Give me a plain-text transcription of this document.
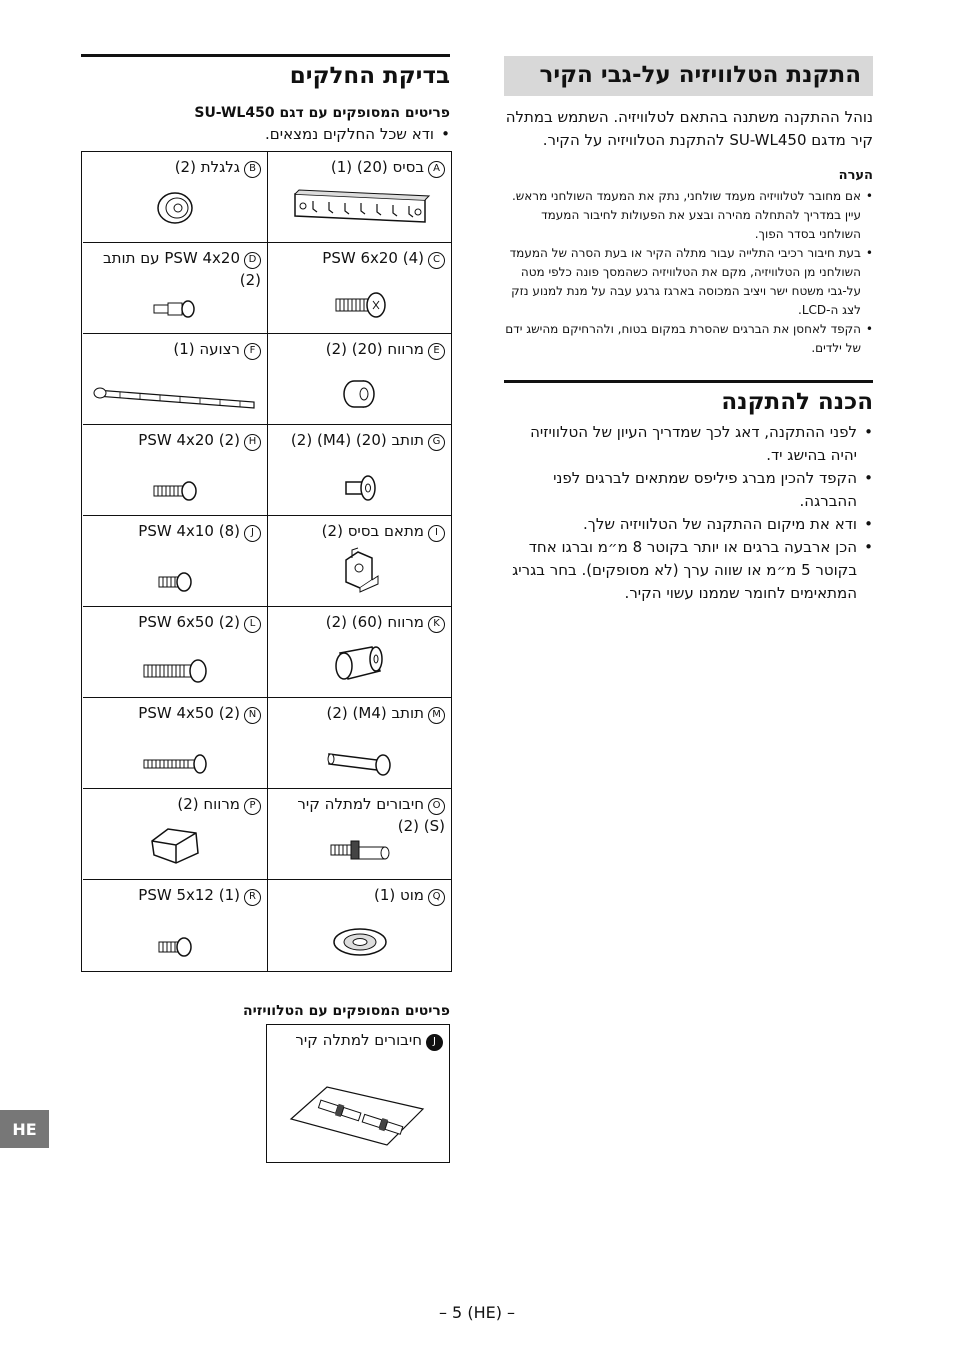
התקנת הטלוויזיה על-גבי הקיר
נוהל ההתקנה משתנה בהתאם לטלוויזיה. השתמש במתלה קיר מדגם SU-WL450 להתקנת הטלוויזיה על הקיר.
הערה
• אם מחובר לטלוויזיה מעמד שולחני, נתק את המעמד השולחני מראש. עיין במדריך להתחלה מהירה ובצע את הפעולות לחיבור המעמד השולחני בסדר הפוך.
• בעת חיבור רכיבי התלייה עבור מתלה הקיר או בעת הסרה של המעמד השולחני מן הטלוויזיה, מקם את הטלוויזיה כשהמסך פונה כלפי מטה על-גבי משטח ישר ויציב המכוסה בארגז גרגע עבה על מנת למנוע נזק לצג ה-LCD.
• הקפד לאחסן את הברגים שהסרת במקום בטוח, ולהרחיקם מהישג ידם של ילדים.
הכנה להתקנה
• לפני ההתקנה, דאג לכך שמדריך העיון של הטלוויזיה יהיה בהישג יד.
• הקפד להכין מברג פיליפס שמתאים לברגים לפני ההברגה.
• ודא את מיקום ההתקנה של הטלוויזיה שלך.
• הכן ארבעה ברגים או יותר בקוטר 8 מ״מ וברגו אחד בקוטר 5 מ״מ או שווה ערך (לא מסופקים). בחר בגריג המתאימים לחומר שממנו עשוי הקיר.
בדיקת החלקים
פריטים המסופקים עם דגם SU-WL450
• ודא שכל החלקים נמצאים.
Aבסיס (20) (1)
Bגלגלת (2)
CPSW 6x20 (4)
DPSW 4x20 עם תותב (2)
Eמרווח (20) (2)
Fרצועה (1)
Gתותב (20) (M4) (2)
HPSW 4x20 (2)
Iמתאם בסיס (2)
JPSW 4x10 (8)
Kמרווח (60) (2)
LPSW 6x50 (2)
Mתותב (M4) (2)
NPSW 4x50 (2)
Oחיבורים למתלה קיר (S) (2)
Pמרווח (2)
Qמוט (1)
RPSW 5x12 (1)
פריטים המסופקים עם הטלוויזיה
Jחיבורים למתלה קיר
HE
– 5 (HE) –
